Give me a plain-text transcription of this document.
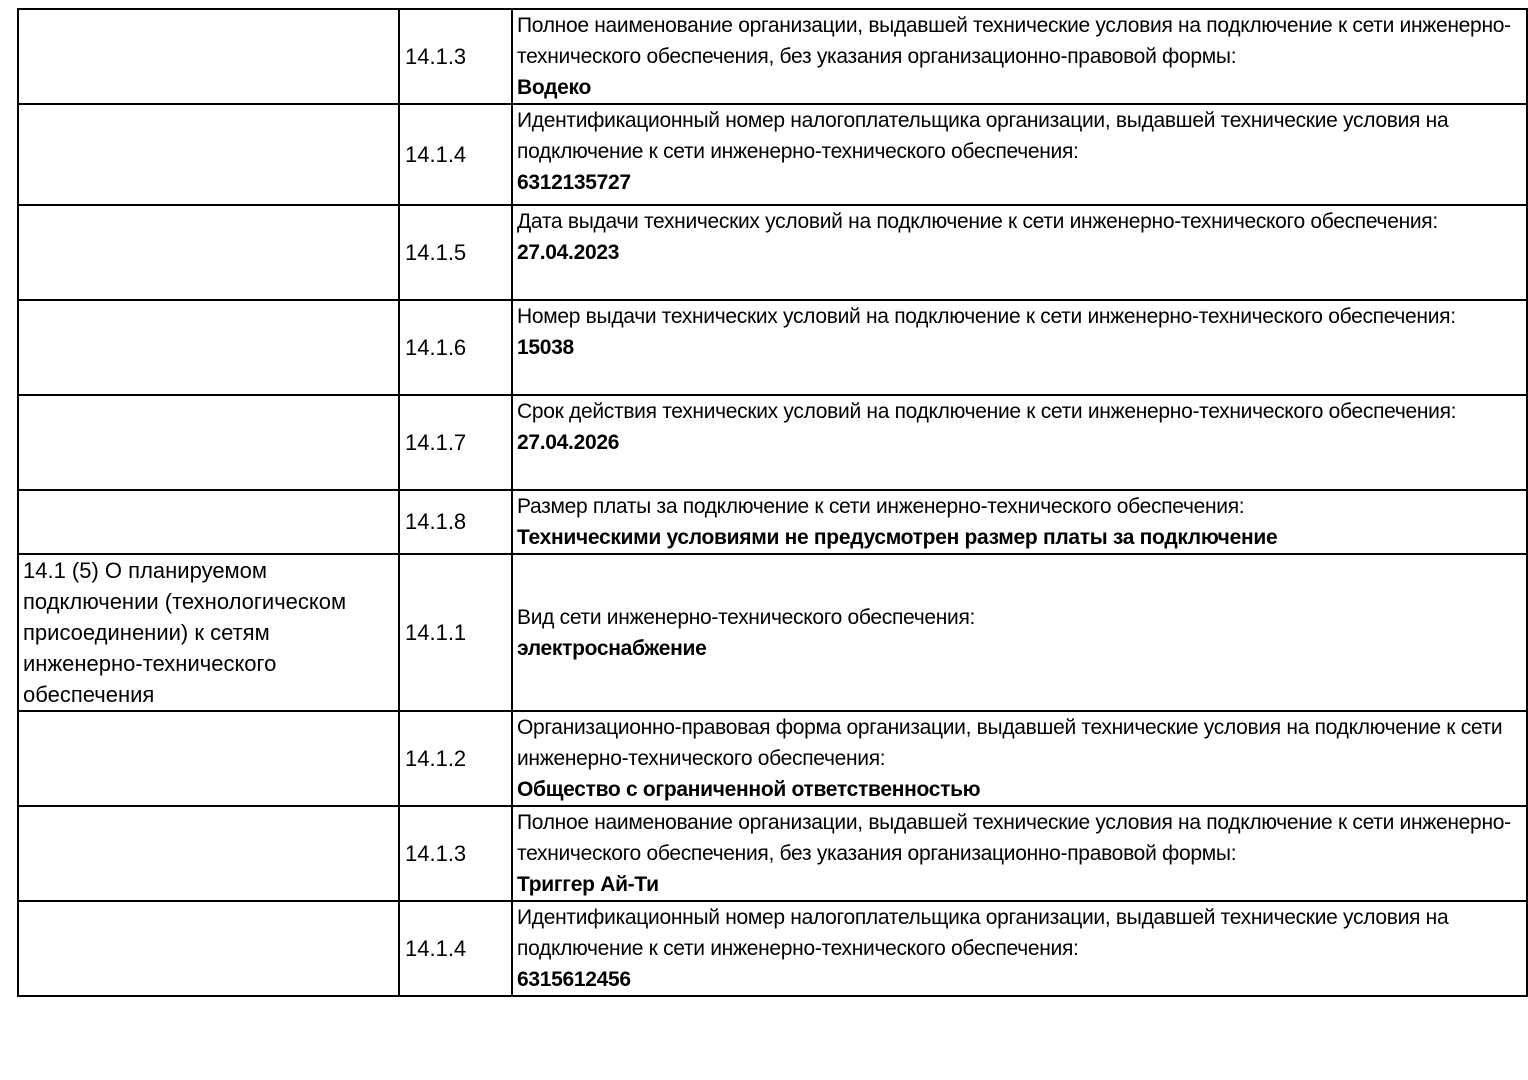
	14.1.3	Полное наименование организации, выдавшей технические условия на подключение к сети инженерно-технического обеспечения, без указания организационно-правовой формы:
Водеко

	14.1.4	Идентификационный номер налогоплательщика организации, выдавшей технические условия на подключение к сети инженерно-технического обеспечения:
6312135727

	14.1.5	Дата выдачи технических условий на подключение к сети инженерно-технического обеспечения:
27.04.2023

	14.1.6	Номер выдачи технических условий на подключение к сети инженерно-технического обеспечения:
15038

	14.1.7	Срок действия технических условий на подключение к сети инженерно-технического обеспечения:
27.04.2026

	14.1.8	Размер платы за подключение к сети инженерно-технического обеспечения:
Техническими условиями не предусмотрен размер платы за подключение

14.1 (5) О планируемом подключении (технологическом присоединении) к сетям инженерно-технического обеспечения	14.1.1	Вид сети инженерно-технического обеспечения:
электроснабжение

	14.1.2	Организационно-правовая форма организации, выдавшей технические условия на подключение к сети инженерно-технического обеспечения:
Общество с ограниченной ответственностью

	14.1.3	Полное наименование организации, выдавшей технические условия на подключение к сети инженерно-технического обеспечения, без указания организационно-правовой формы:
Триггер Ай-Ти

	14.1.4	Идентификационный номер налогоплательщика организации, выдавшей технические условия на подключение к сети инженерно-технического обеспечения:
6315612456
